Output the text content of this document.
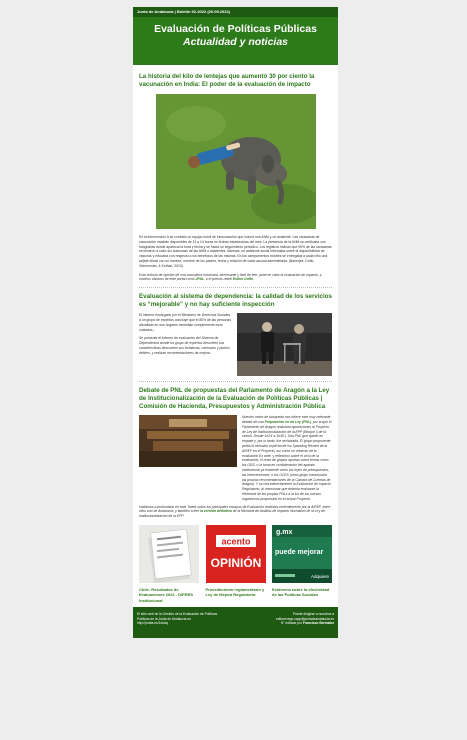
Junta de Andalucía | Boletín 92-2022 (20.09.2022)
Evaluación de Políticas Públicas
Actualidad y noticias

La historia del kilo de lentejas que aumentó 30 por ciento la vacunación en India: El poder de la evaluación de impacto

En la intervención A se contrató un equipo móvil de inmunización que incluía una ANM y un asistente. Las caravanas de vacunación estaban disponibles de 11 a 14 horas en fechas establecidas del mes. La presencia de la ANM se verificaba con fotografías donde aparecía la hora y fecha y se hacía un seguimiento periódico. Los registros indican que 95% de las caravanas se llevaron a cabo sin ausencias de las ANM o asistentes. Además, un asistente social informaba sobre la disponibilidad de vacunas y educaba con respecto a los beneficios de las mismas. En los campamentos móviles se entregaba a cada niño una tarjeta oficial con su nombre, nombre de los padres, fecha y relación de cada vacuna administrada. (Banerjee, Duflo, Glennerster, & Kothari, 2010)

Este artículo de opinión de una consultora mexicana, interesante y fácil de leer, pone en valor la evaluación de impacto, y muchos clásicos de este portal como JPAL, o el premio nobel Esther Duflo.

Evaluación al sistema de dependencia: la calidad de los servicios es “mejorable” y no hay suficiente inspección

El informe encargado por el Ministerio de Derechos Sociales a un grupo de expertos concluye que el 80% de las personas atendidas en sus hogares necesitan complemente esos cuidados...

Se presenta el informe de evaluación del Sistema de Dependencia donde un grupo de expertos describen sus características descubren sus fortalezas, carencias y puntos débiles, y realizan recomendaciones de mejora.

Debate de PNL de propuestas del Parlamento de Aragón a la Ley de Institucionalización de la Evaluación de Políticas Públicas | Comisión de Hacienda, Presupuestos y Administración Pública

Nuestro motor de búsqueda nos ofrece este muy relevante debate de una Proposición no de Ley (PNL), por la que el Parlamento de Aragón realizaría aportaciones al Proyecto de Ley de Institucionalización de la EPP (Bloque 3 de la sesión. Desde 1h24' a 1h40'). Una PNL que quedó en empate y, por lo tanto, fue rechazada. El grupo proponente pedía la inclusión explícita de los Spending Review de la AIREF en el Proyecto, así como un refuerzo de la evaluación Ex ante, y reflexionó sobre el ciclo de la evaluación; el resto de grupos aportan sobre temas como los ODS, o la toma en consideración del aparato institucional ya existente como las leyes de presupuestos, las Intervenciones, o los OCEX (otros grupo mencionará las propias recomendaciones de la Cámara de Cuentas de Aragón). Y se cita indirectamente la Evaluación de Impacto Regulatorio, al mencionar que debería evaluarse la eficiencia de las propias PNLs a la luz de los nuevos organismos propuestos en el actual Proyecto.

Invitamos a profundizar en este Tweet sobre los principales ensayos de Evaluación recibidos recientemente por la AIREF, entre ellos uno de Andalucía; y también a leer la versión definitiva de la Memoria de Análisis de Impacto Normativo de la Ley de Institucionalización de la EPP.

Chile: Resultados de Evaluaciones 2022 - DIPRES Institucional
acento
OPINIÓN
Procedimiento reglamentario y Ley de Mejora Regulatoria
g.mx
puede mejorar
Adquiere
Evidencia sobre la efectividad de las Políticas Sociales
El sitio web de la Gestión de la Evaluación de Políticas
Públicas de la Junta de Andalucía es
http://juntta.es/1dsAq
Puede dirigirse a nosotros a
editorevepp.capp@juntadeandalucia.es
N° editado por Francisco Bermalez
